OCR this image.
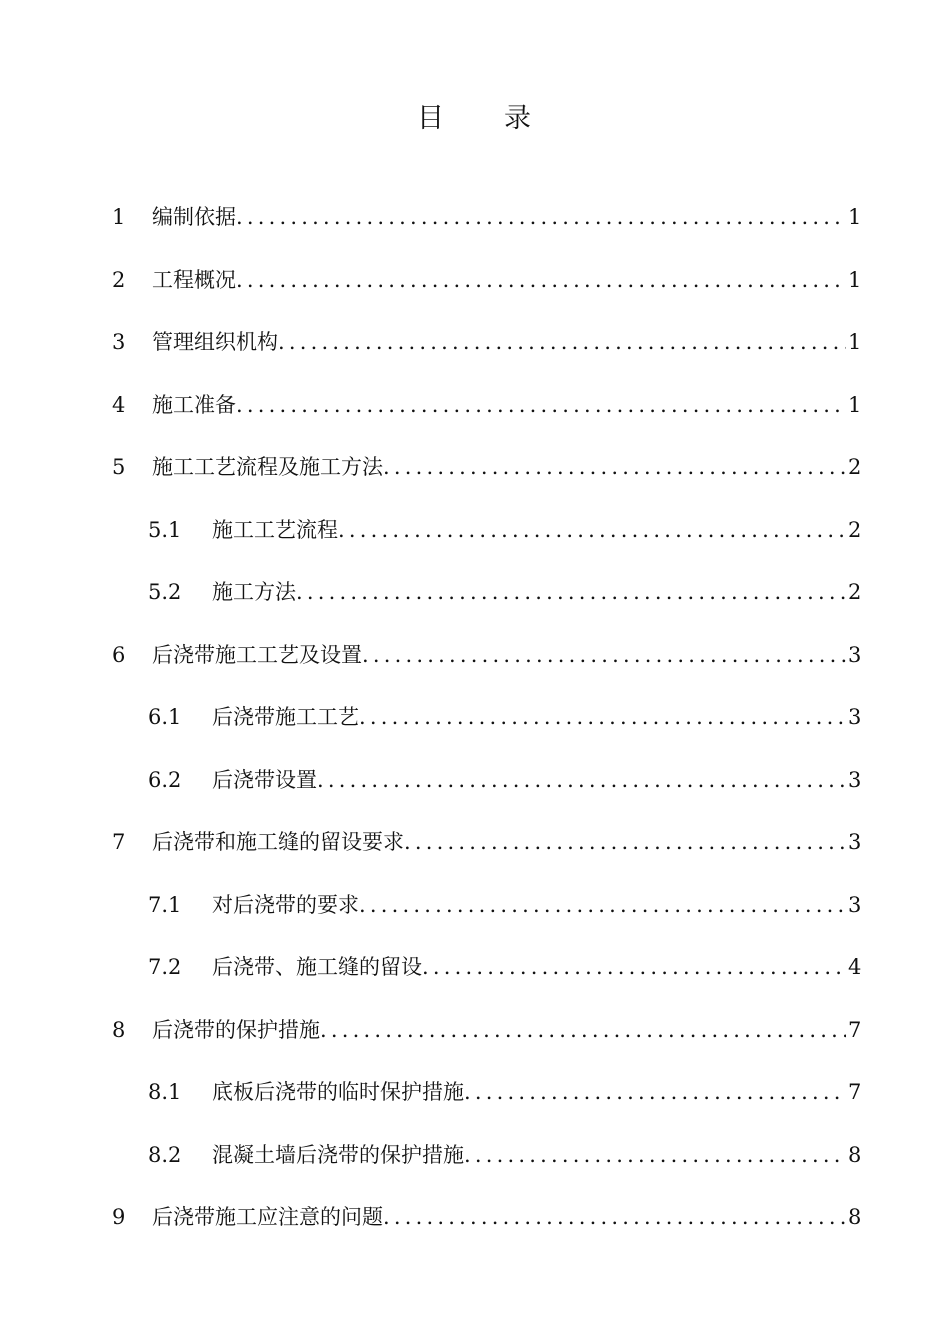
目 录
1	编制依据 .....	1
2	工程概况 .....	1
3	管理组织机构 .....	1
4	施工准备 .....	1
5	施工工艺流程及施工方法 .....	2
5.1	施工工艺流程 .....	2
5.2	施工方法 .....	2
6	后浇带施工工艺及设置 .....	3
6.1	后浇带施工工艺 .....	3
6.2	后浇带设置 .....	3
7	后浇带和施工缝的留设要求 .....	3
7.1	对后浇带的要求 .....	3
7.2	后浇带、施工缝的留设 .....	4
8	后浇带的保护措施 .....	7
8.1	底板后浇带的临时保护措施 .....	7
8.2	混凝土墙后浇带的保护措施 .....	8
9	后浇带施工应注意的问题 .....	8
